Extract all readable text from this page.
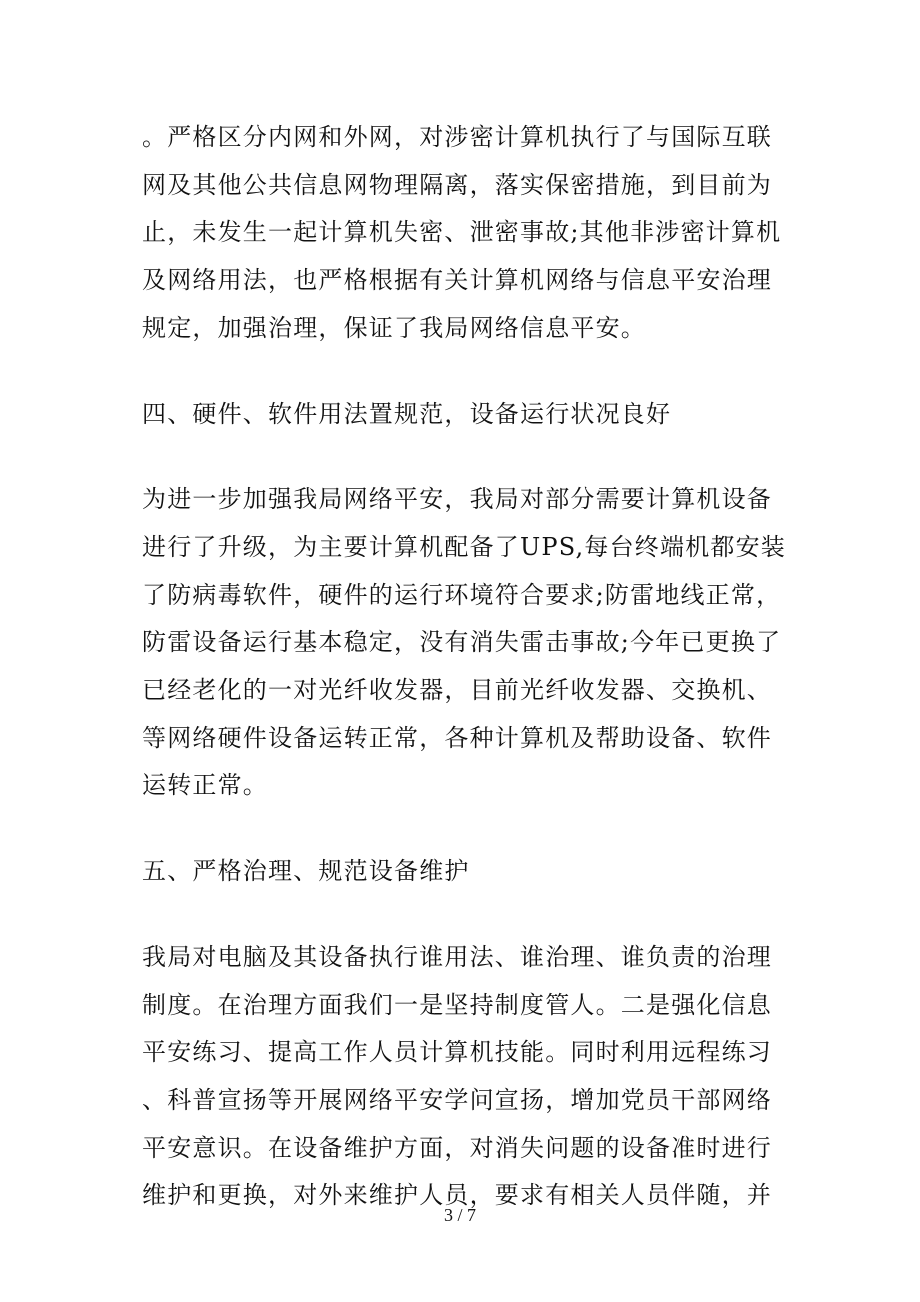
。严格区分内网和外网，对涉密计算机执行了与国际互联
网及其他公共信息网物理隔离，落实保密措施，到目前为
止，未发生一起计算机失密、泄密事故;其他非涉密计算机
及网络用法，也严格根据有关计算机网络与信息平安治理
规定，加强治理，保证了我局网络信息平安。
四、硬件、软件用法置规范，设备运行状况良好
为进一步加强我局网络平安，我局对部分需要计算机设备
进行了升级，为主要计算机配备了UPS,每台终端机都安装
了防病毒软件，硬件的运行环境符合要求;防雷地线正常，
防雷设备运行基本稳定，没有消失雷击事故;今年已更换了
已经老化的一对光纤收发器，目前光纤收发器、交换机、
等网络硬件设备运转正常，各种计算机及帮助设备、软件
运转正常。
五、严格治理、规范设备维护
我局对电脑及其设备执行谁用法、谁治理、谁负责的治理
制度。在治理方面我们一是坚持制度管人。二是强化信息
平安练习、提高工作人员计算机技能。同时利用远程练习
、科普宣扬等开展网络平安学问宣扬，增加党员干部网络
平安意识。在设备维护方面，对消失问题的设备准时进行
维护和更换，对外来维护人员，要求有相关人员伴随，并
3 / 7
